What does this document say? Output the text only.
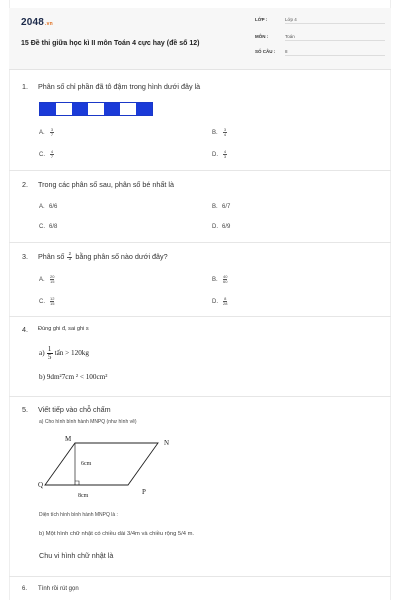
2048.vn
15 Đề thi giữa học kì II môn Toán 4 cực hay (đề số 12)
LỚP :	Lớp 4
MÔN :	Toán
SỐ CÂU :	8
1. Phân số chỉ phần đã tô đậm trong hình dưới đây là
A. $\frac{3}{7}$	B. $\frac{3}{4}$
C. $\frac{4}{7}$	D. $\frac{4}{3}$
2. Trong các phân số sau, phân số bé nhất là
A. 6/6	B. 6/7
C. 6/8	D. 6/9
3. Phân số $\frac{2}{3}$ bằng phân số nào dưới đây?
A. $\frac{20}{15}$	B. $\frac{40}{60}$
C. $\frac{12}{15}$	D. $\frac{8}{28}$
4. Đúng ghi đ, sai ghi s
$a) \frac{1}{5}$ tấn > 120kg
b) 9dm²7cm ² < 100cm²
5. Viết tiếp vào chỗ chấm
a) Cho hình bình hành MNPQ (như hình vẽ)
M	N
P
Q
6cm
8cm
Diện tích hình bình hành MNPQ là :
b) Một hình chữ nhật có chiều dài 3/4m và chiều rộng 5/4 m.
Chu vi hình chữ nhật là
6. Tính rồi rút gọn
